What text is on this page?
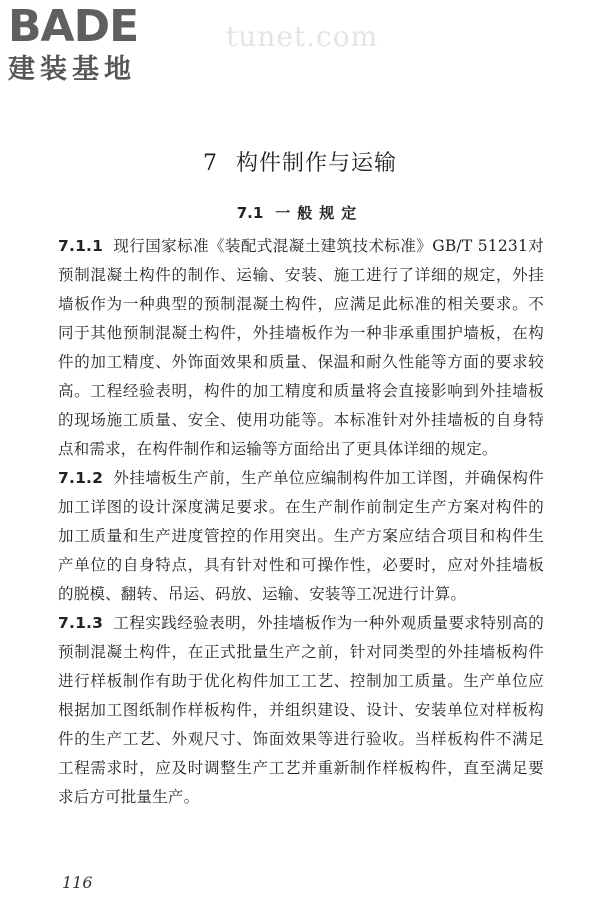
BADE
建装基地
tunet.com
7 构件制作与运输
7.1 一般规定

7.1.1 现行国家标准《装配式混凝土建筑技术标准》GB/T 51231对预制混凝土构件的制作、运输、安装、施工进行了详细的规定，外挂墙板作为一种典型的预制混凝土构件，应满足此标准的相关要求。不同于其他预制混凝土构件，外挂墙板作为一种非承重围护墙板，在构件的加工精度、外饰面效果和质量、保温和耐久性能等方面的要求较高。工程经验表明，构件的加工精度和质量将会直接影响到外挂墙板的现场施工质量、安全、使用功能等。本标准针对外挂墙板的自身特点和需求，在构件制作和运输等方面给出了更具体详细的规定。

7.1.2 外挂墙板生产前，生产单位应编制构件加工详图，并确保构件加工详图的设计深度满足要求。在生产制作前制定生产方案对构件的加工质量和生产进度管控的作用突出。生产方案应结合项目和构件生产单位的自身特点，具有针对性和可操作性，必要时，应对外挂墙板的脱模、翻转、吊运、码放、运输、安装等工况进行计算。

7.1.3 工程实践经验表明，外挂墙板作为一种外观质量要求特别高的预制混凝土构件，在正式批量生产之前，针对同类型的外挂墙板构件进行样板制作有助于优化构件加工工艺、控制加工质量。生产单位应根据加工图纸制作样板构件，并组织建设、设计、安装单位对样板构件的生产工艺、外观尺寸、饰面效果等进行验收。当样板构件不满足工程需求时，应及时调整生产工艺并重新制作样板构件，直至满足要求后方可批量生产。

116
